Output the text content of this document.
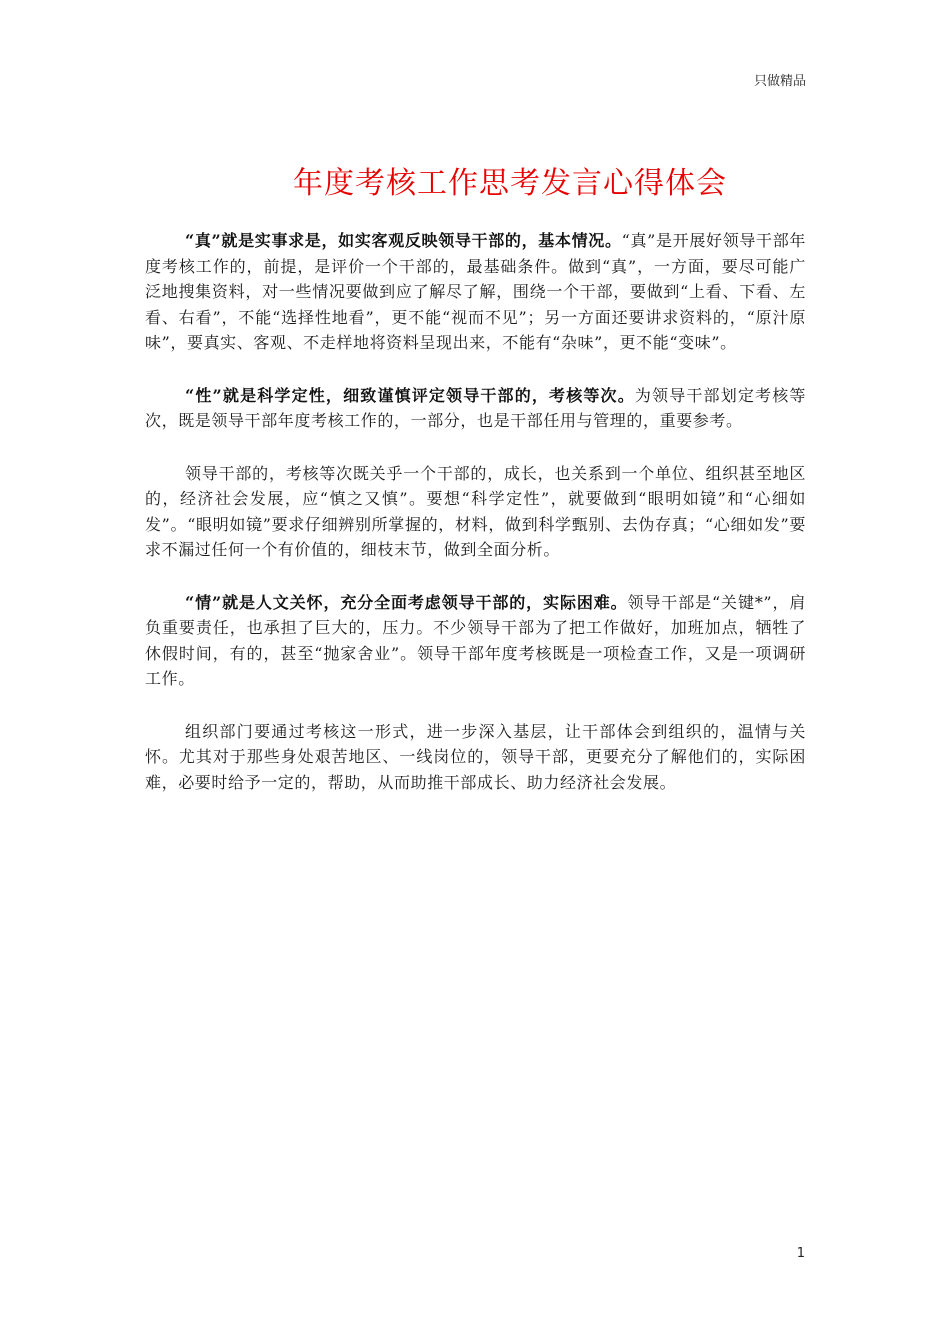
只做精品
年度考核工作思考发言心得体会

“真”就是实事求是，如实客观反映领导干部的，基本情况。“真”是开展好领导干部年度考核工作的，前提，是评价一个干部的，最基础条件。做到“真”，一方面，要尽可能广泛地搜集资料，对一些情况要做到应了解尽了解，围绕一个干部，要做到“上看、下看、左看、右看”，不能“选择性地看”，更不能“视而不见”；另一方面还要讲求资料的，“原汁原味”，要真实、客观、不走样地将资料呈现出来，不能有“杂味”，更不能“变味”。

“性”就是科学定性，细致谨慎评定领导干部的，考核等次。为领导干部划定考核等次，既是领导干部年度考核工作的，一部分，也是干部任用与管理的，重要参考。

领导干部的，考核等次既关乎一个干部的，成长，也关系到一个单位、组织甚至地区的，经济社会发展，应“慎之又慎”。要想“科学定性”，就要做到“眼明如镜”和“心细如发”。“眼明如镜”要求仔细辨别所掌握的，材料，做到科学甄别、去伪存真；“心细如发”要求不漏过任何一个有价值的，细枝末节，做到全面分析。

“情”就是人文关怀，充分全面考虑领导干部的，实际困难。领导干部是“关键*”，肩负重要责任，也承担了巨大的，压力。不少领导干部为了把工作做好，加班加点，牺牲了休假时间，有的，甚至“抛家舍业”。领导干部年度考核既是一项检查工作，又是一项调研工作。

组织部门要通过考核这一形式，进一步深入基层，让干部体会到组织的，温情与关怀。尤其对于那些身处艰苦地区、一线岗位的，领导干部，更要充分了解他们的，实际困难，必要时给予一定的，帮助，从而助推干部成长、助力经济社会发展。

1
